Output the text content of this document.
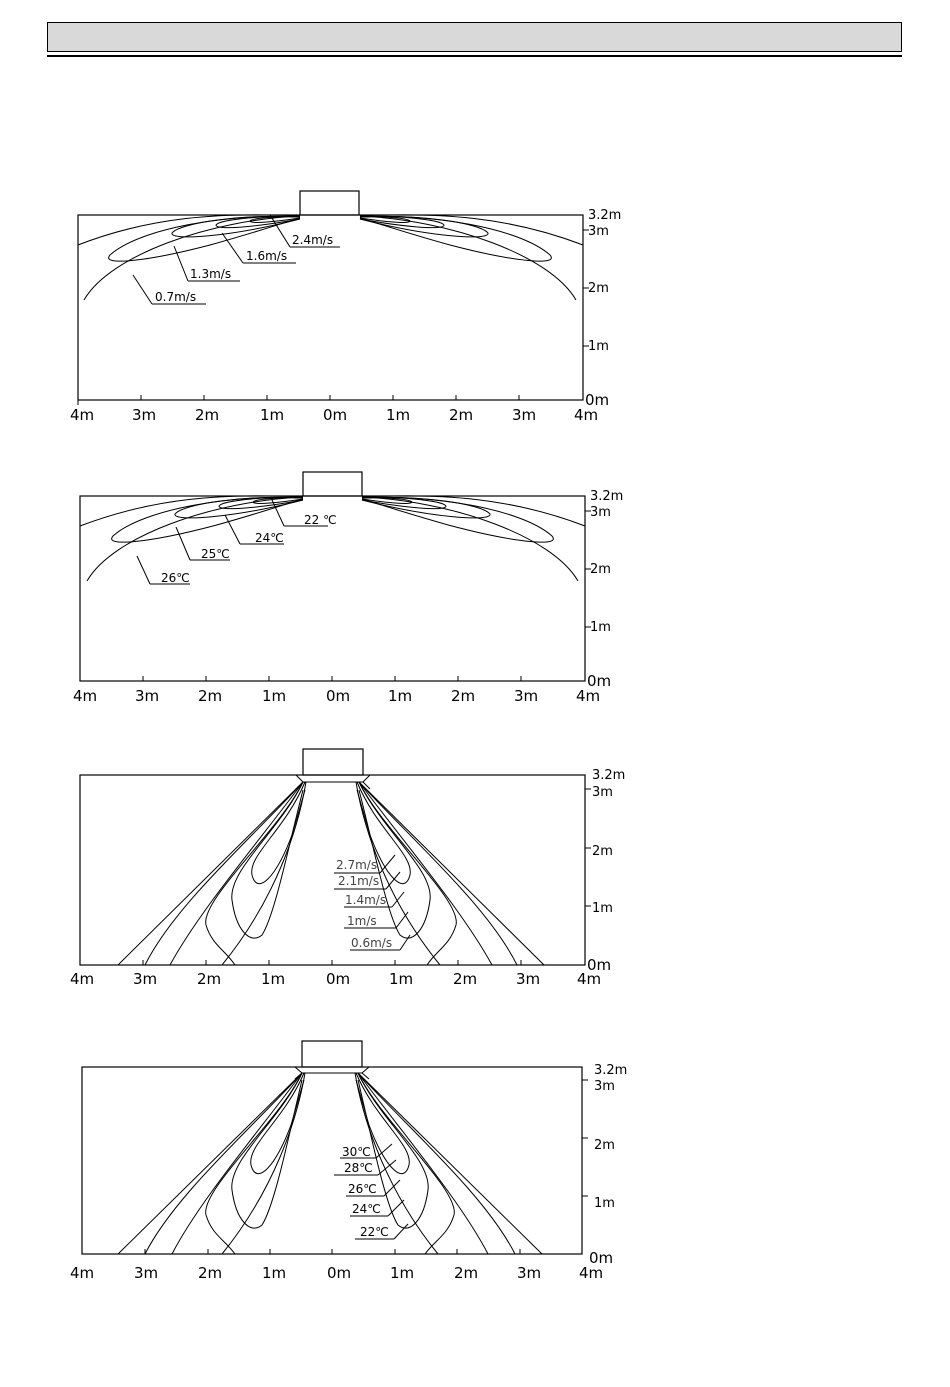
2.4m/s
1.6m/s
1.3m/s
0.7m/s
4m	3m	2m	1m	0m	1m	2m	3m	4m
0m
1m
2m
3m
3.2m
22 ℃
24℃
25℃
26℃
4m	3m	2m	1m	0m	1m	2m	3m	4m
0m
1m
2m
3m
3.2m
2.7m/s
2.1m/s
1.4m/s
1m/s
0.6m/s
4m	3m	2m	1m	0m	1m	2m	3m 4m
0m
1m
2m
3m
3.2m
30℃
28℃
26℃
24℃
22℃
4m	3m	2m	1m	0m	1m	2m	3m	4m
0m
1m
2m
3m
3.2m
